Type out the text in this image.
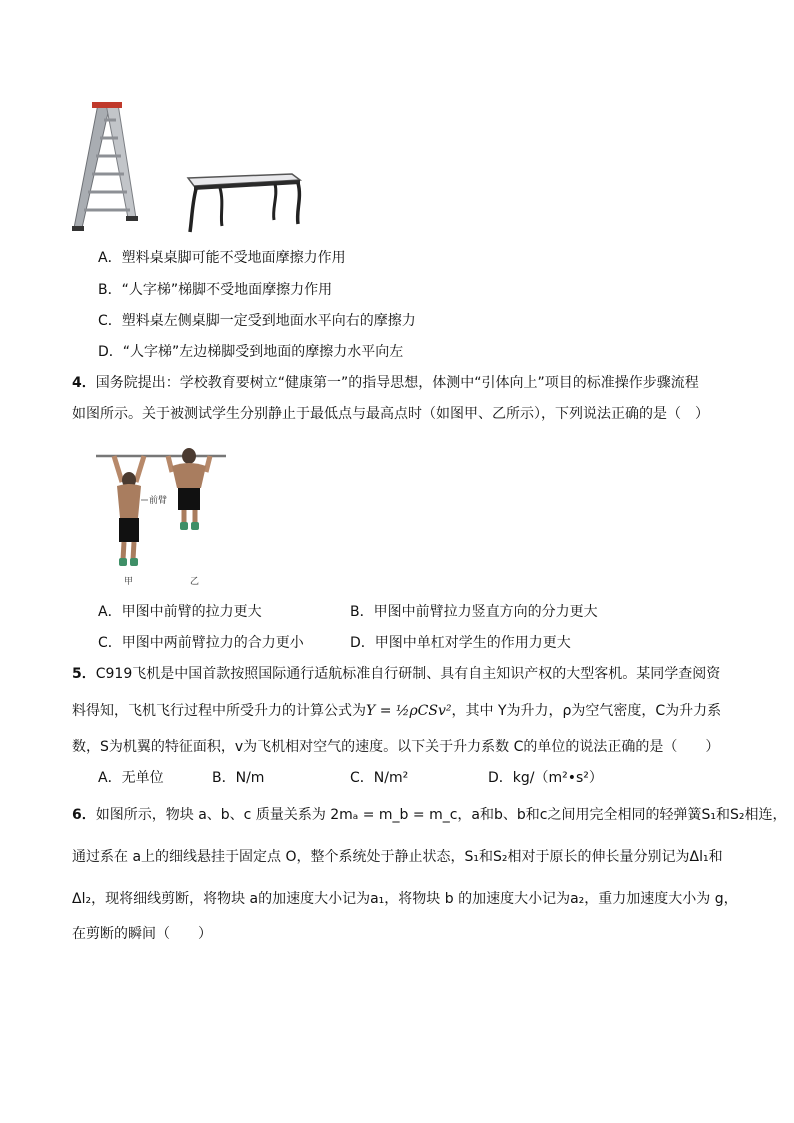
A．塑料桌桌脚可能不受地面摩擦力作用
B．“人字梯”梯脚不受地面摩擦力作用
C．塑料桌左侧桌脚一定受到地面水平向右的摩擦力
D．“人字梯”左边梯脚受到地面的摩擦力水平向左
4．国务院提出：学校教育要树立“健康第一”的指导思想，体测中“引体向上”项目的标准操作步骤流程
如图所示。关于被测试学生分别静止于最低点与最高点时（如图甲、乙所示），下列说法正确的是（　）
前臂
甲	乙
A．甲图中前臂的拉力更大	B．甲图中前臂拉力竖直方向的分力更大
C．甲图中两前臂拉力的合力更小	D．甲图中单杠对学生的作用力更大
5．C919飞机是中国首款按照国际通行适航标准自行研制、具有自主知识产权的大型客机。某同学查阅资
料得知，飞机飞行过程中所受升力的计算公式为Y = ½ρCSv²，其中 Y为升力，ρ为空气密度，C为升力系
数，S为机翼的特征面积，v为飞机相对空气的速度。以下关于升力系数 C的单位的说法正确的是（　　）
A．无单位	B．N/m	C．N/m²	D．kg/（m²•s²）
6．如图所示，物块 a、b、c 质量关系为 2mₐ = m_b = m_c，a和b、b和c之间用完全相同的轻弹簧S₁和S₂相连，
通过系在 a上的细线悬挂于固定点 O，整个系统处于静止状态，S₁和S₂相对于原长的伸长量分别记为Δl₁和
Δl₂，现将细线剪断，将物块 a的加速度大小记为a₁，将物块 b 的加速度大小记为a₂，重力加速度大小为 g，
在剪断的瞬间（　　）
